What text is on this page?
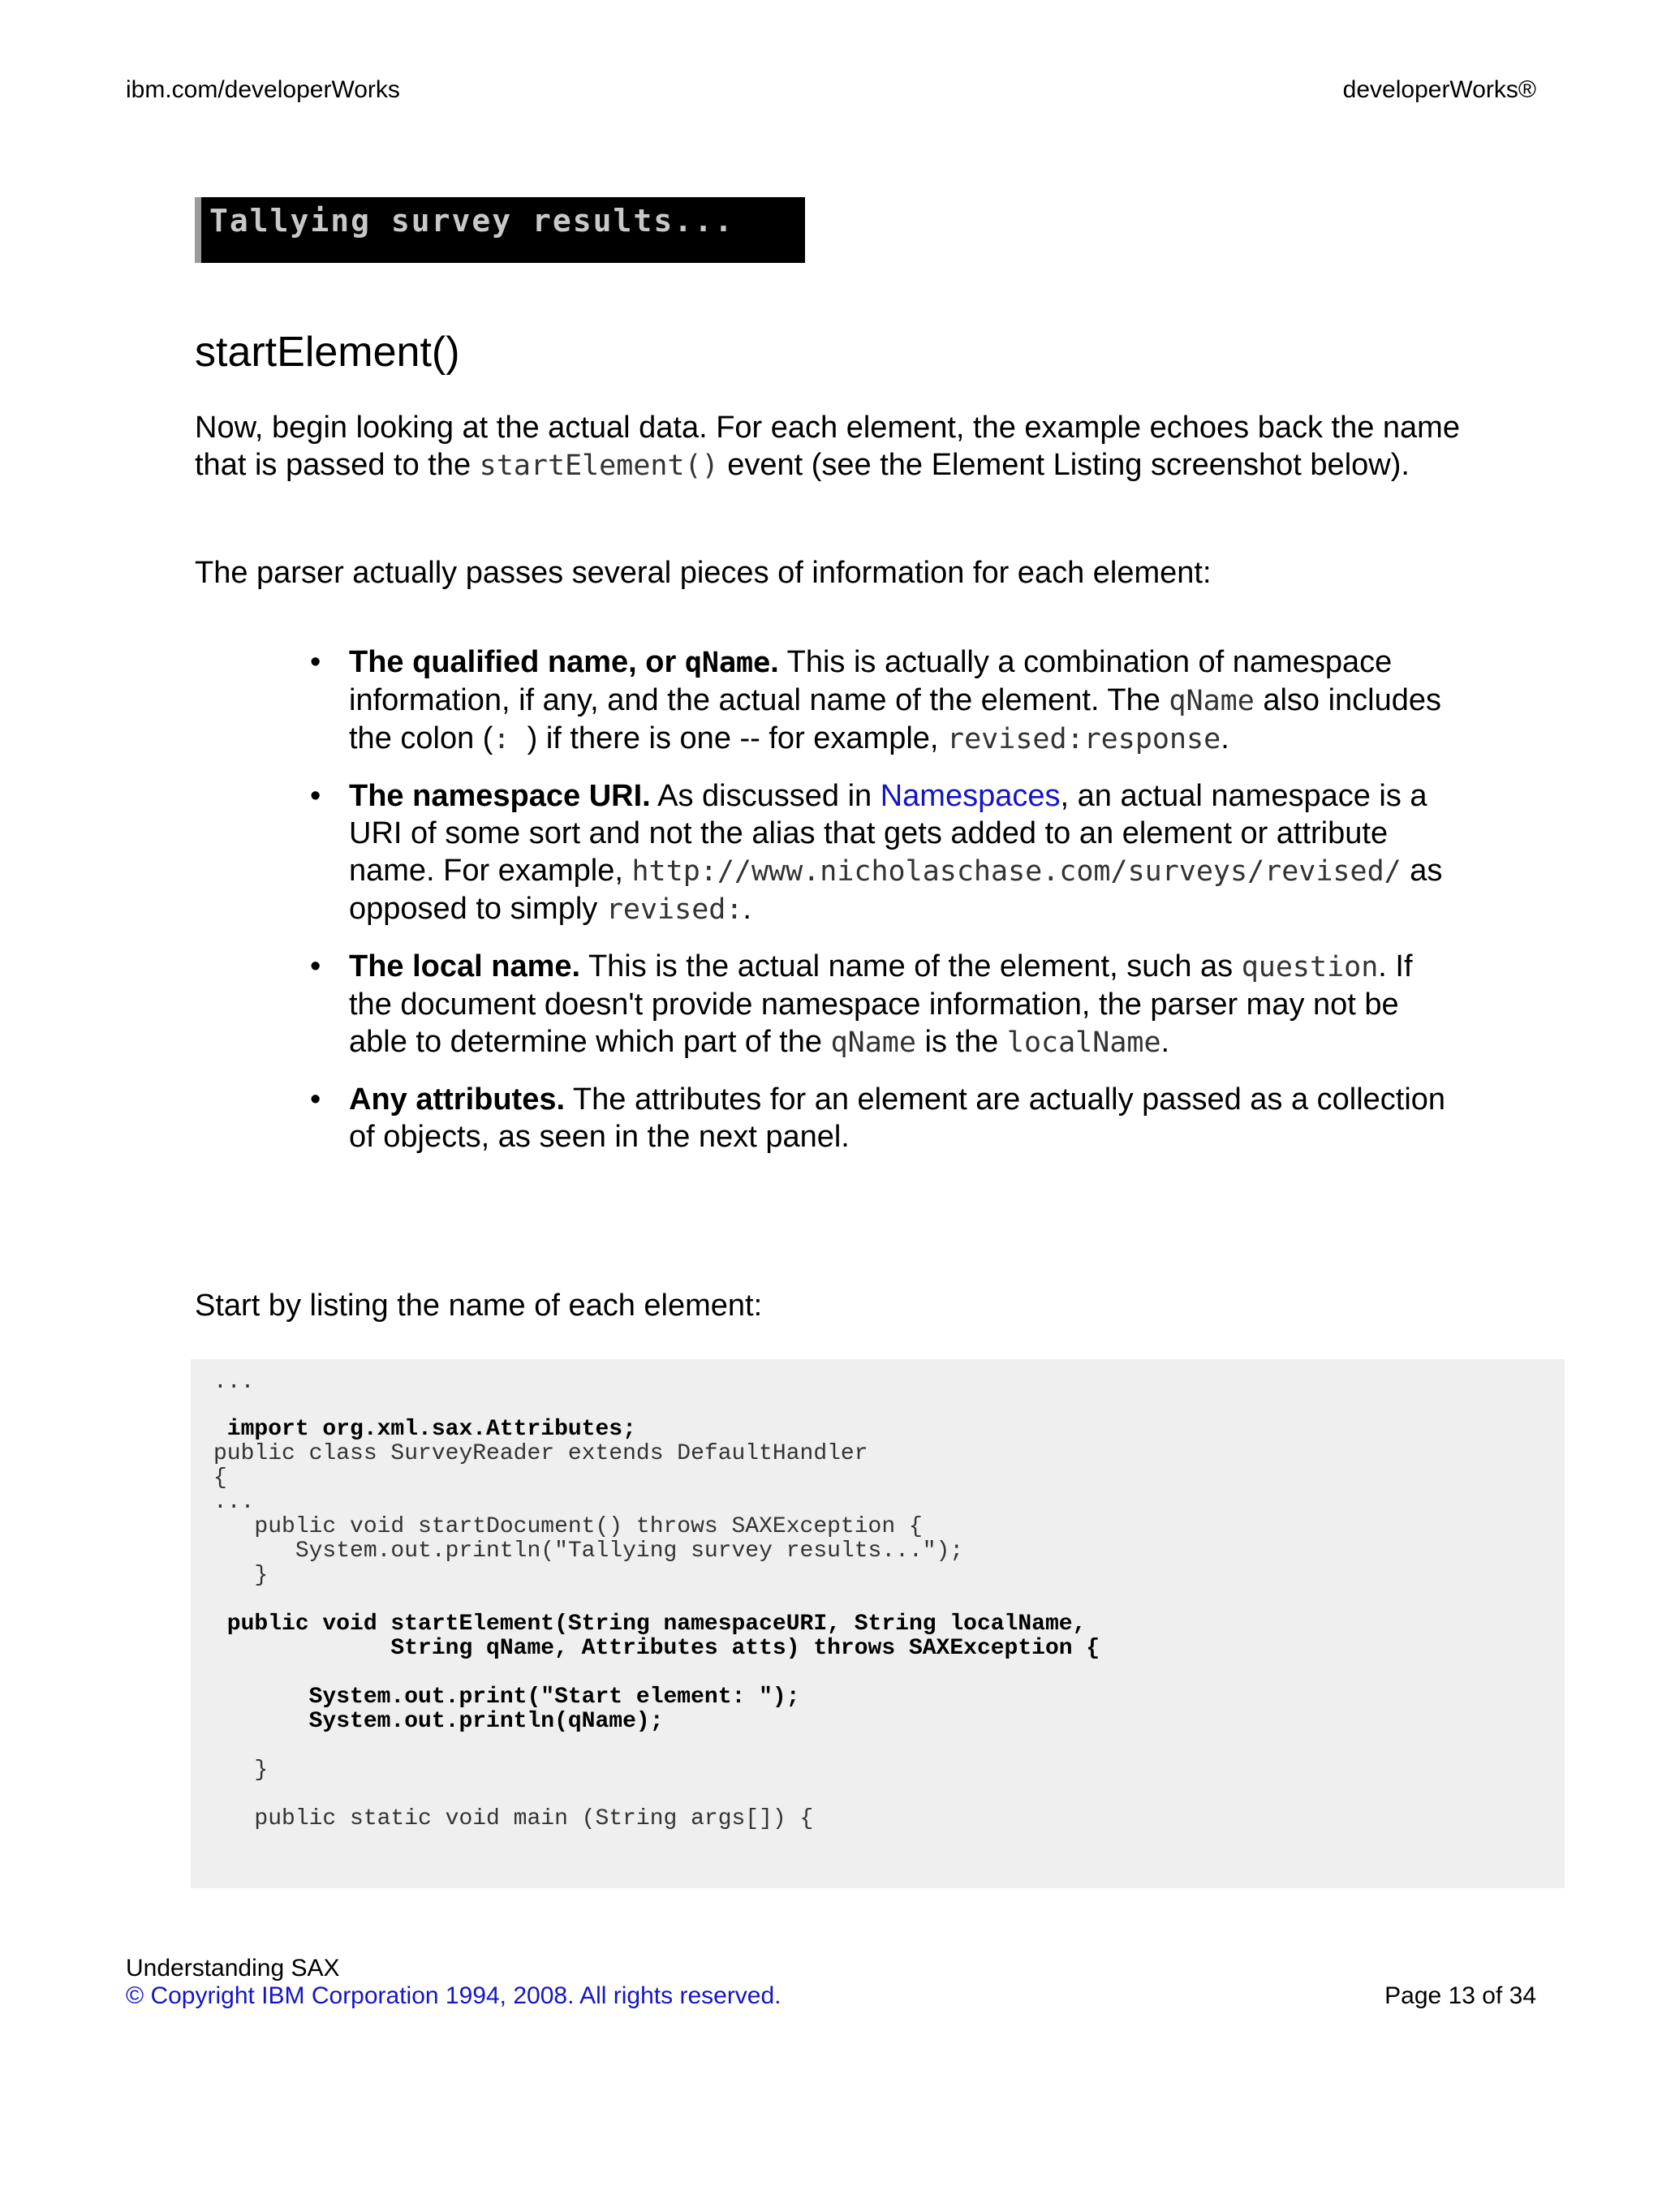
ibm.com/developerWorks	developerWorks®
Tallying survey results...
startElement()

Now, begin looking at the actual data. For each element, the example echoes back the name that is passed to the startElement() event (see the Element Listing screenshot below).

The parser actually passes several pieces of information for each element:

• The qualified name, or qName. This is actually a combination of namespace information, if any, and the actual name of the element. The qName also includes the colon (: ) if there is one -- for example, revised:response.
• The namespace URI. As discussed in Namespaces, an actual namespace is a URI of some sort and not the alias that gets added to an element or attribute name. For example, http://www.nicholaschase.com/surveys/revised/ as opposed to simply revised:.
• The local name. This is the actual name of the element, such as question. If the document doesn't provide namespace information, the parser may not be able to determine which part of the qName is the localName.
• Any attributes. The attributes for an element are actually passed as a collection of objects, as seen in the next panel.

Start by listing the name of each element:

...

import org.xml.sax.Attributes;

public class SurveyReader extends DefaultHandler
{
...
public void startDocument() throws SAXException {
System.out.println("Tallying survey results...");
}

public void startElement(String namespaceURI, String localName,
String qName, Attributes atts) throws SAXException {

System.out.print("Start element: ");
System.out.println(qName);

}

public static void main (String args[]) {
Understanding SAX
© Copyright IBM Corporation 1994, 2008. All rights reserved.	Page 13 of 34
